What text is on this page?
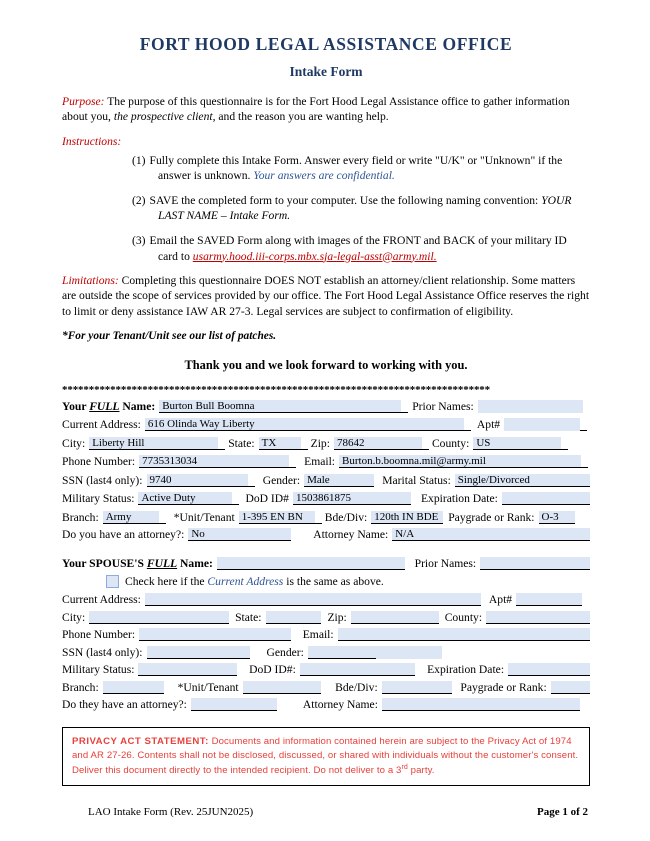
FORT HOOD LEGAL ASSISTANCE OFFICE
Intake Form

Purpose: The purpose of this questionnaire is for the Fort Hood Legal Assistance office to gather information about you, the prospective client, and the reason you are wanting help.

Instructions:

(1) Fully complete this Intake Form. Answer every field or write "U/K" or "Unknown" if the answer is unknown. Your answers are confidential.
(2) SAVE the completed form to your computer. Use the following naming convention: YOUR LAST NAME – Intake Form.
(3) Email the SAVED Form along with images of the FRONT and BACK of your military ID card to usarmy.hood.iii-corps.mbx.sja-legal-asst@army.mil.

Limitations: Completing this questionnaire DOES NOT establish an attorney/client relationship. Some matters are outside the scope of services provided by our office. The Fort Hood Legal Assistance Office reserves the right to limit or deny assistance IAW AR 27-3. Legal services are subject to confirmation of eligibility.

*For your Tenant/Unit see our list of patches.

Thank you and we look forward to working with you.

********************************************************************************
Your FULL Name: Burton Bull Boomna	Prior Names:
Current Address: 616 Olinda Way Liberty	Apt#
City: Liberty Hill	State: TX	Zip: 78642	County: US
Phone Number: 7735313034	Email: Burton.b.boomna.mil@army.mil
SSN (last4 only): 9740	Gender: Male	Marital Status: Single/Divorced
Military Status: Active Duty	DoD ID# 1503861875	Expiration Date:
Branch: Army	*Unit/Tenant 1-395 EN BN	Bde/Div: 120th IN BDE Paygrade or Rank: O-3
Do you have an attorney?: No	Attorney Name: N/A
Your SPOUSE'S FULL Name:	Prior Names:
Check here if the
Current Address
is the same as above.
Current Address:	Apt#
City:	State:	Zip:	County:
Phone Number:	Email:
SSN (last4 only):	Gender:
Military Status:	DoD ID#:	Expiration Date:
Branch:	*Unit/Tenant	Bde/Div:	Paygrade or Rank:
Do they have an attorney?:	Attorney Name:
PRIVACY ACT STATEMENT: Documents and information contained herein are subject to the Privacy Act of 1974 and AR 27-26. Contents shall not be disclosed, discussed, or shared with individuals without the customer's consent. Deliver this document directly to the intended recipient. Do not deliver to a 3rd party.
LAO Intake Form (Rev. 25JUN2025)	Page 1 of 2
